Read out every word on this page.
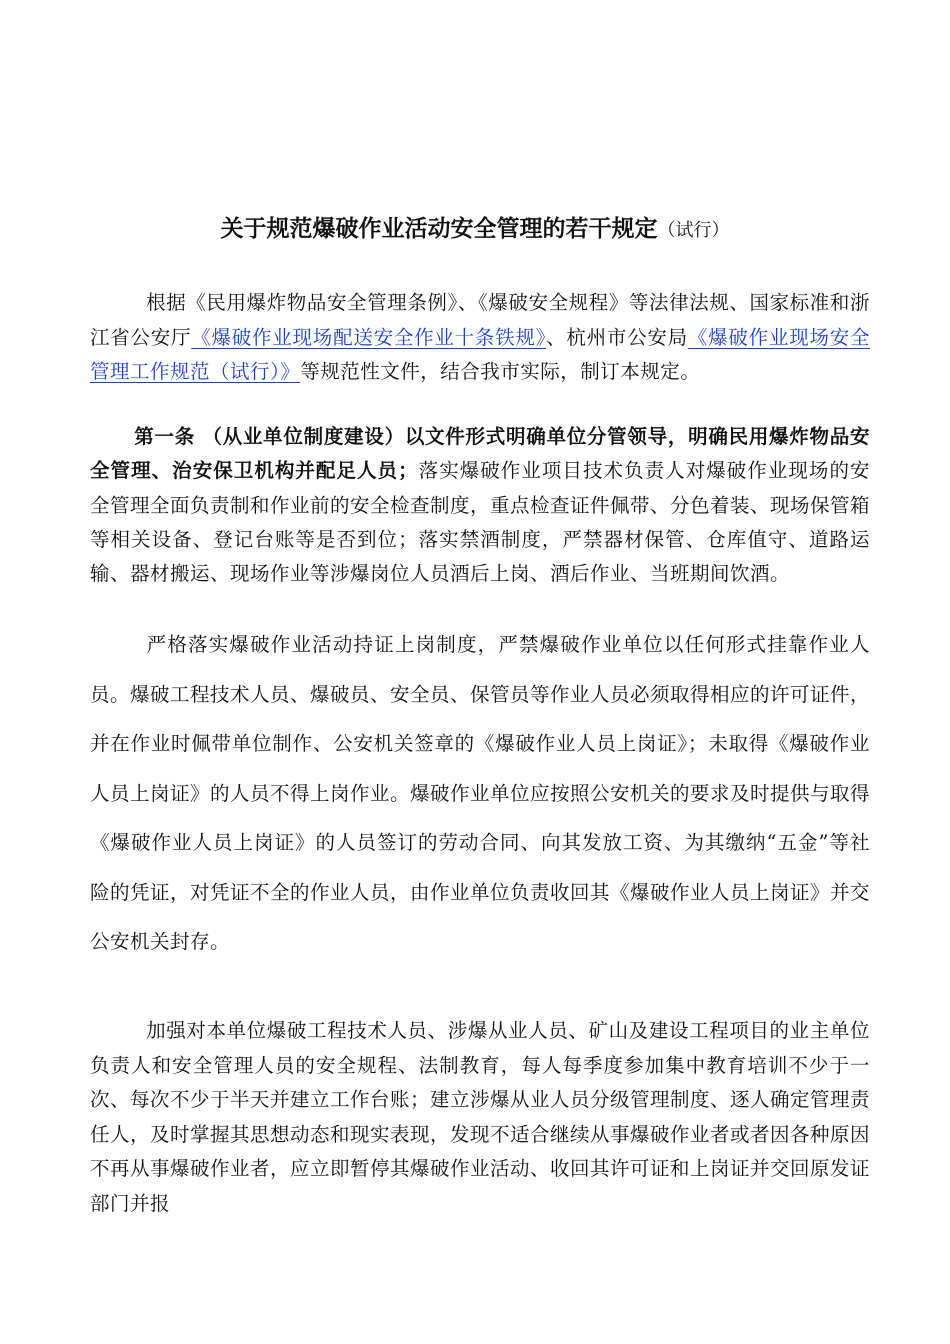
关于规范爆破作业活动安全管理的若干规定（试行）

根据《民用爆炸物品安全管理条例》、《爆破安全规程》等法律法规、国家标准和浙江省公安厅《爆破作业现场配送安全作业十条铁规》、杭州市公安局《爆破作业现场安全管理工作规范（试行）》等规范性文件，结合我市实际，制订本规定。

第一条 （从业单位制度建设）以文件形式明确单位分管领导，明确民用爆炸物品安全管理、治安保卫机构并配足人员；落实爆破作业项目技术负责人对爆破作业现场的安全管理全面负责制和作业前的安全检查制度，重点检查证件佩带、分色着装、现场保管箱等相关设备、登记台账等是否到位；落实禁酒制度，严禁器材保管、仓库值守、道路运输、器材搬运、现场作业等涉爆岗位人员酒后上岗、酒后作业、当班期间饮酒。

严格落实爆破作业活动持证上岗制度，严禁爆破作业单位以任何形式挂靠作业人员。爆破工程技术人员、爆破员、安全员、保管员等作业人员必须取得相应的许可证件，并在作业时佩带单位制作、公安机关签章的《爆破作业人员上岗证》；未取得《爆破作业人员上岗证》的人员不得上岗作业。爆破作业单位应按照公安机关的要求及时提供与取得《爆破作业人员上岗证》的人员签订的劳动合同、向其发放工资、为其缴纳“五金”等社险的凭证，对凭证不全的作业人员，由作业单位负责收回其《爆破作业人员上岗证》并交公安机关封存。

加强对本单位爆破工程技术人员、涉爆从业人员、矿山及建设工程项目的业主单位负责人和安全管理人员的安全规程、法制教育，每人每季度参加集中教育培训不少于一次、每次不少于半天并建立工作台账；建立涉爆从业人员分级管理制度、逐人确定管理责任人，及时掌握其思想动态和现实表现，发现不适合继续从事爆破作业者或者因各种原因不再从事爆破作业者，应立即暂停其爆破作业活动、收回其许可证和上岗证并交回原发证部门并报
